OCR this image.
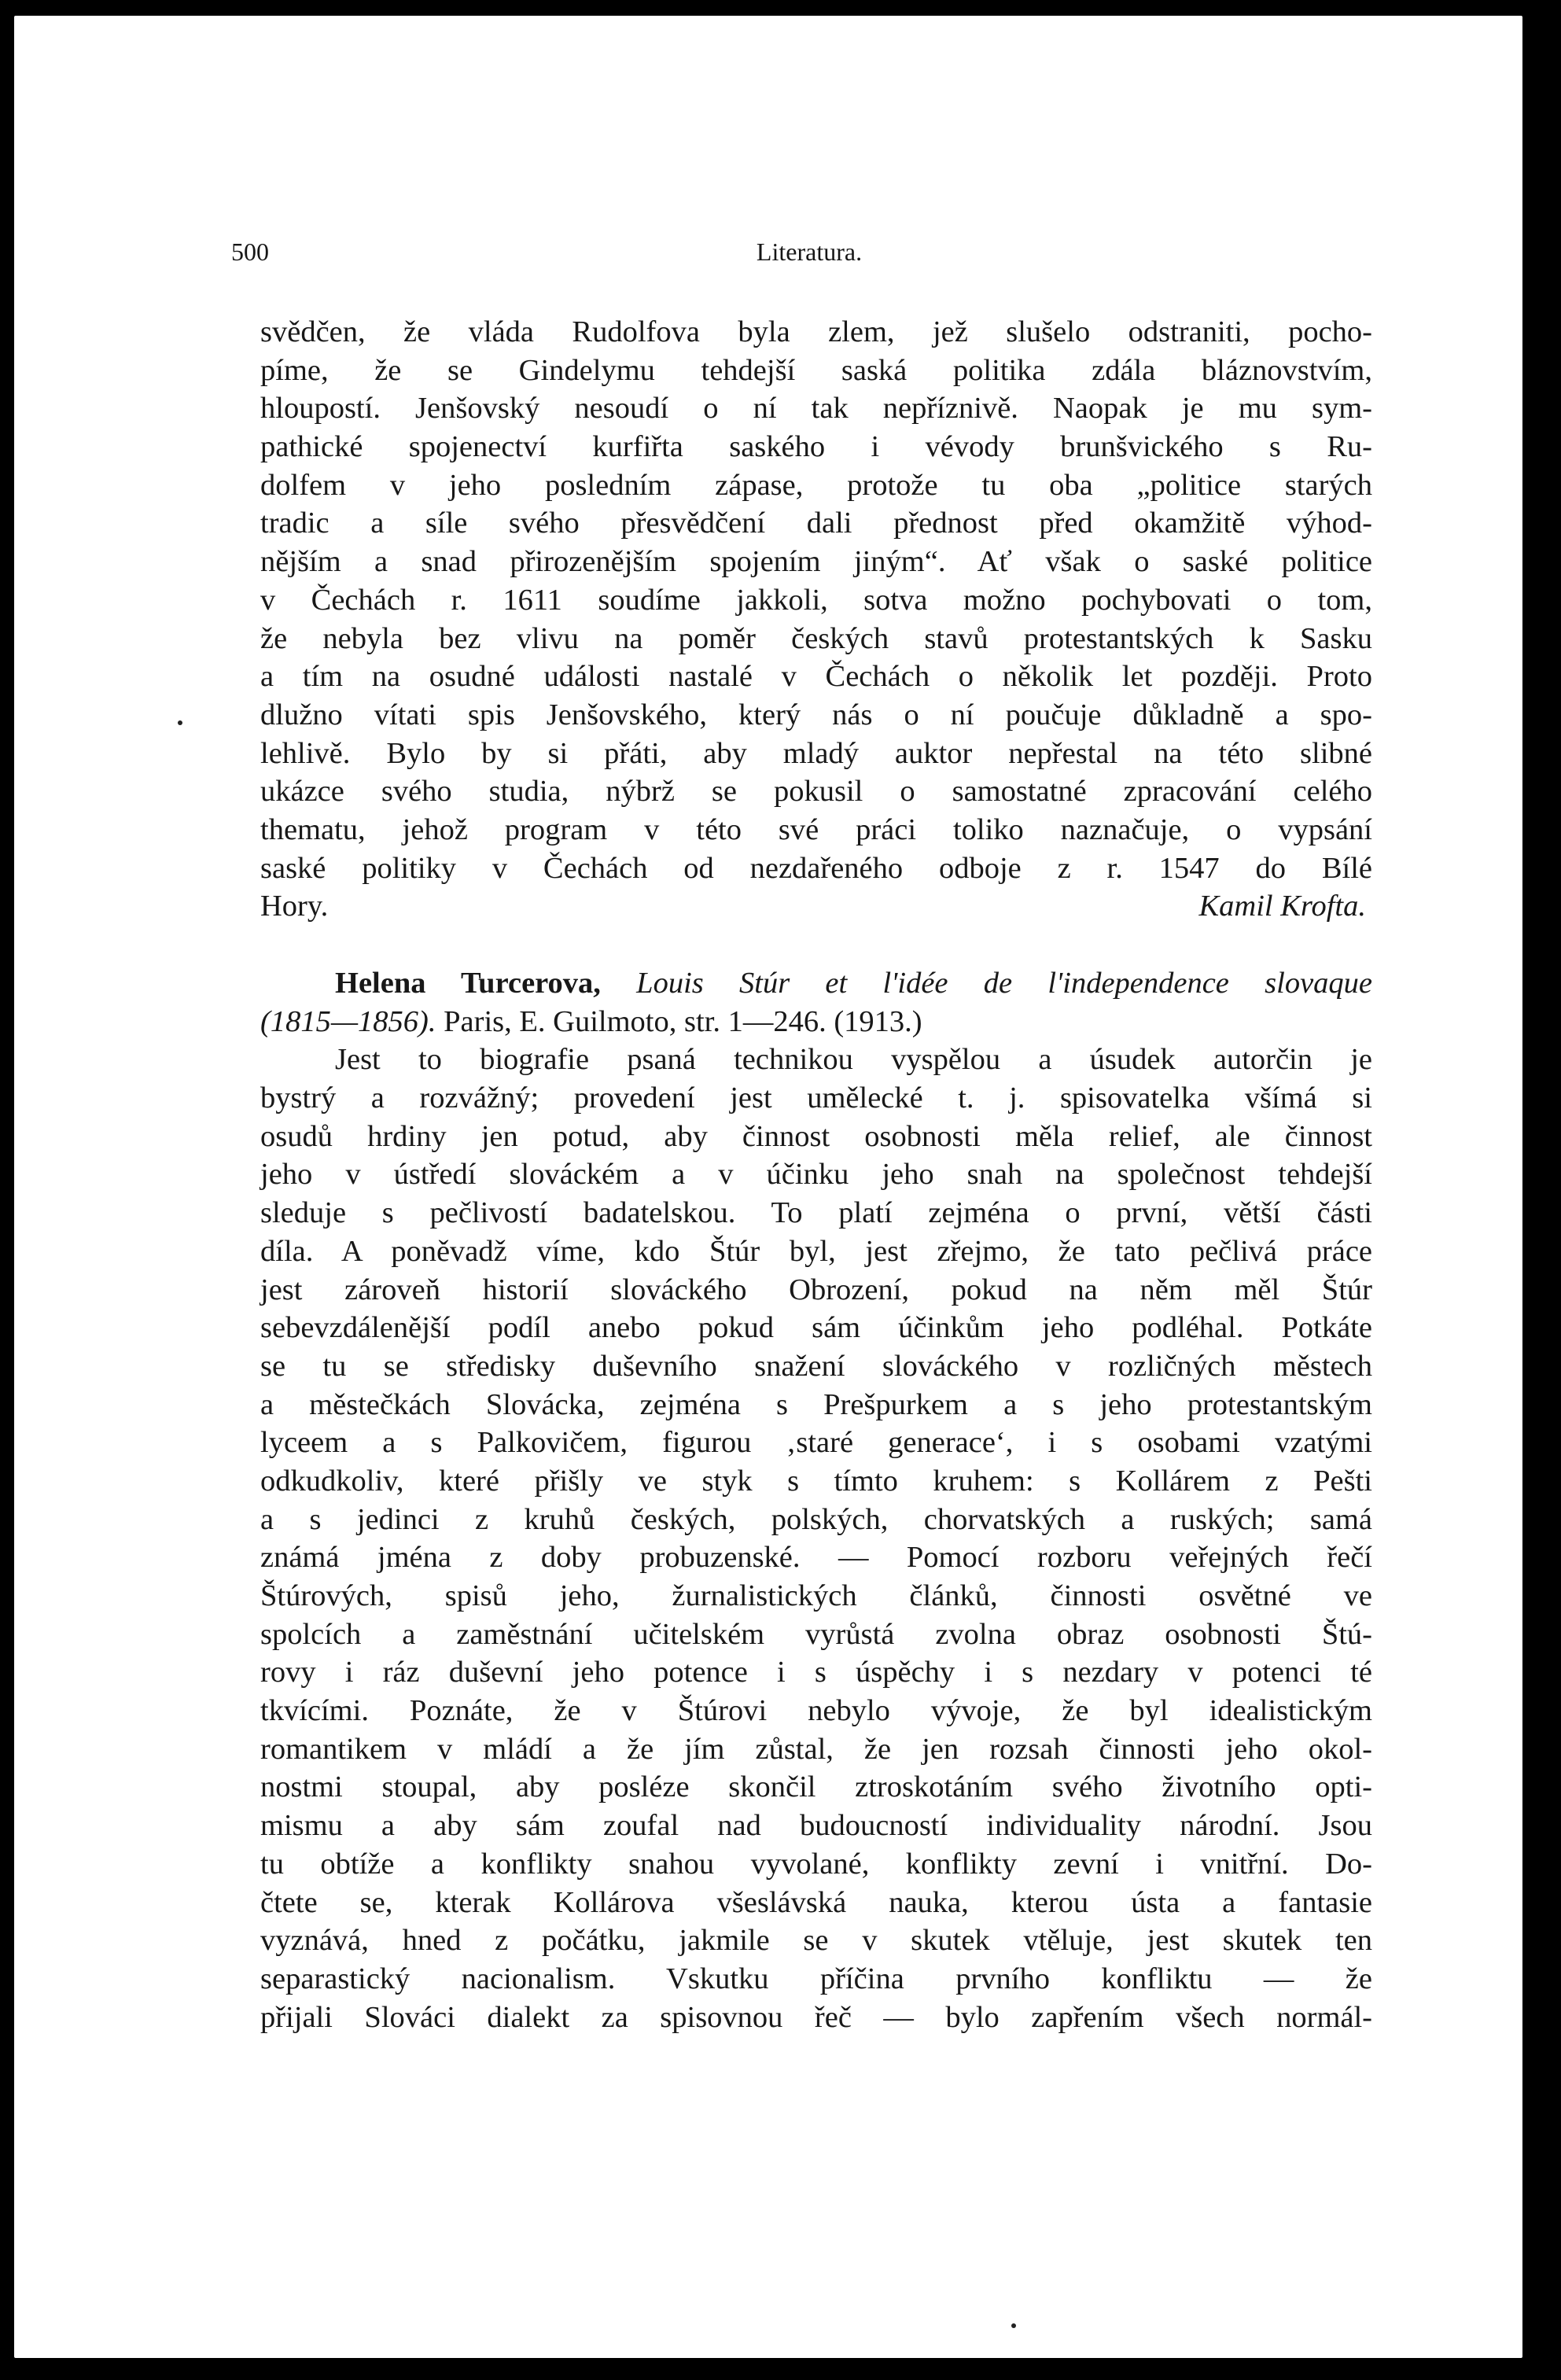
500	Literatura.
svědčen, že vláda Rudolfova byla zlem, jež slušelo odstraniti, pocho-
píme, že se Gindelymu tehdejší saská politika zdála bláznovstvím,
hloupostí. Jenšovský nesoudí o ní tak nepříznivě. Naopak je mu sym-
pathické spojenectví kurfiřta saského i vévody brunšvického s Ru-
dolfem v jeho posledním zápase, protože tu oba „politice starých
tradic a síle svého přesvědčení dali přednost před okamžitě výhod-
nějším a snad přirozenějším spojením jiným“. Ať však o saské politice
v Čechách r. 1611 soudíme jakkoli, sotva možno pochybovati o tom,
že nebyla bez vlivu na poměr českých stavů protestantských k Sasku
a tím na osudné události nastalé v Čechách o několik let později. Proto
dlužno vítati spis Jenšovského, který nás o ní poučuje důkladně a spo-
lehlivě. Bylo by si přáti, aby mladý auktor nepřestal na této slibné
ukázce svého studia, nýbrž se pokusil o samostatné zpracování celého
thematu, jehož program v této své práci toliko naznačuje, o vypsání
saské politiky v Čechách od nezdařeného odboje z r. 1547 do Bílé
Hory.	Kamil Krofta.
Helena Turcerova, Louis Stúr et l'idée de l'independence slovaque
(1815—1856). Paris, E. Guilmoto, str. 1—246. (1913.)
Jest to biografie psaná technikou vyspělou a úsudek autorčin je
bystrý a rozvážný; provedení jest umělecké t. j. spisovatelka všímá si
osudů hrdiny jen potud, aby činnost osobnosti měla relief, ale činnost
jeho v ústředí slováckém a v účinku jeho snah na společnost tehdejší
sleduje s pečlivostí badatelskou. To platí zejména o první, větší části
díla. A poněvadž víme, kdo Štúr byl, jest zřejmo, že tato pečlivá práce
jest zároveň historií slováckého Obrození, pokud na něm měl Štúr
sebevzdálenější podíl anebo pokud sám účinkům jeho podléhal. Potkáte
se tu se středisky duševního snažení slováckého v rozličných městech
a městečkách Slovácka, zejména s Prešpurkem a s jeho protestantským
lyceem a s Palkovičem, figurou ‚staré generace‘, i s osobami vzatými
odkudkoliv, které přišly ve styk s tímto kruhem: s Kollárem z Pešti
a s jedinci z kruhů českých, polských, chorvatských a ruských; samá
známá jména z doby probuzenské. — Pomocí rozboru veřejných řečí
Štúrových, spisů jeho, žurnalistických článků, činnosti osvětné ve
spolcích a zaměstnání učitelském vyrůstá zvolna obraz osobnosti Štú-
rovy i ráz duševní jeho potence i s úspěchy i s nezdary v potenci té
tkvícími. Poznáte, že v Štúrovi nebylo vývoje, že byl idealistickým
romantikem v mládí a že jím zůstal, že jen rozsah činnosti jeho okol-
nostmi stoupal, aby posléze skončil ztroskotáním svého životního opti-
mismu a aby sám zoufal nad budoucností individuality národní. Jsou
tu obtíže a konflikty snahou vyvolané, konflikty zevní i vnitřní. Do-
čtete se, kterak Kollárova všeslávská nauka, kterou ústa a fantasie
vyznává, hned z počátku, jakmile se v skutek vtěluje, jest skutek ten
separastický nacionalism. Vskutku příčina prvního konfliktu — že
přijali Slováci dialekt za spisovnou řeč — bylo zapřením všech normál-
